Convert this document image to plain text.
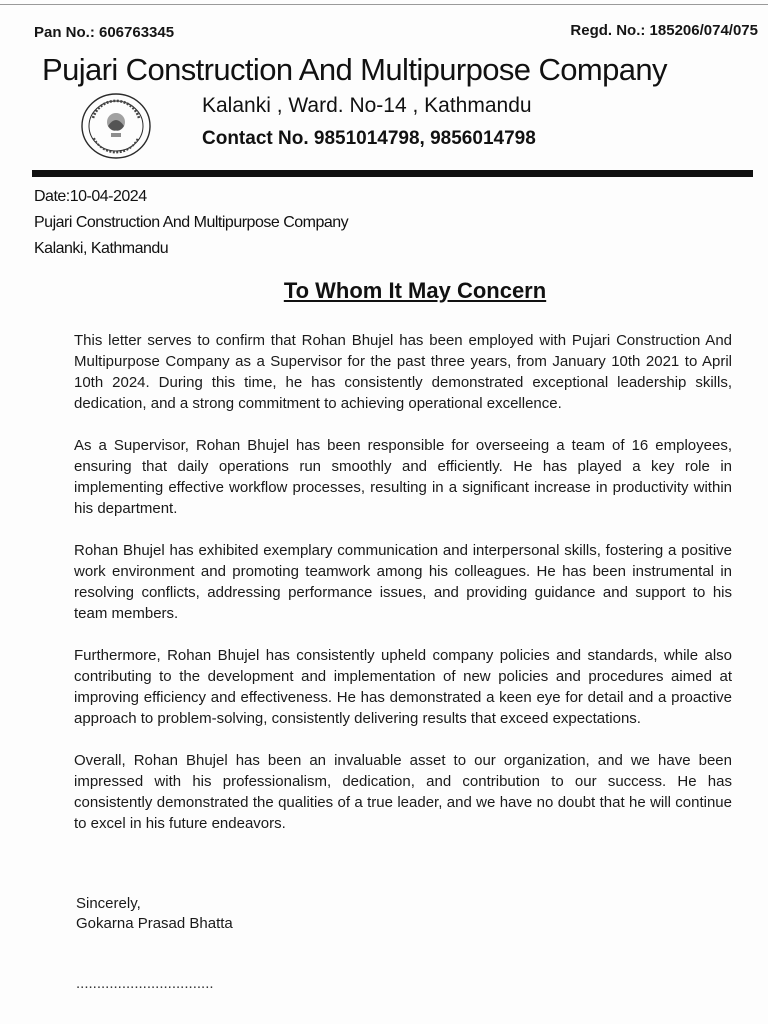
Pan No.: 606763345	Regd. No.: 185206/074/075
Pujari Construction And Multipurpose Company
Kalanki , Ward. No-14 , Kathmandu
Contact No. 9851014798, 9856014798
Date:10-04-2024
Pujari Construction And Multipurpose Company
Kalanki, Kathmandu
To Whom It May Concern

This letter serves to confirm that Rohan Bhujel has been employed with Pujari Construction And Multipurpose Company as a Supervisor for the past three years, from January 10th 2021 to April 10th 2024. During this time, he has consistently demonstrated exceptional leadership skills, dedication, and a strong commitment to achieving operational excellence.

As a Supervisor, Rohan Bhujel has been responsible for overseeing a team of 16 employees, ensuring that daily operations run smoothly and efficiently. He has played a key role in implementing effective workflow processes, resulting in a significant increase in productivity within his department.

Rohan Bhujel has exhibited exemplary communication and interpersonal skills, fostering a positive work environment and promoting teamwork among his colleagues. He has been instrumental in resolving conflicts, addressing performance issues, and providing guidance and support to his team members.

Furthermore, Rohan Bhujel has consistently upheld company policies and standards, while also contributing to the development and implementation of new policies and procedures aimed at improving efficiency and effectiveness. He has demonstrated a keen eye for detail and a proactive approach to problem-solving, consistently delivering results that exceed expectations.

Overall, Rohan Bhujel has been an invaluable asset to our organization, and we have been impressed with his professionalism, dedication, and contribution to our success. He has consistently demonstrated the qualities of a true leader, and we have no doubt that he will continue to excel in his future endeavors.

Sincerely,
Gokarna Prasad Bhatta
.................................
